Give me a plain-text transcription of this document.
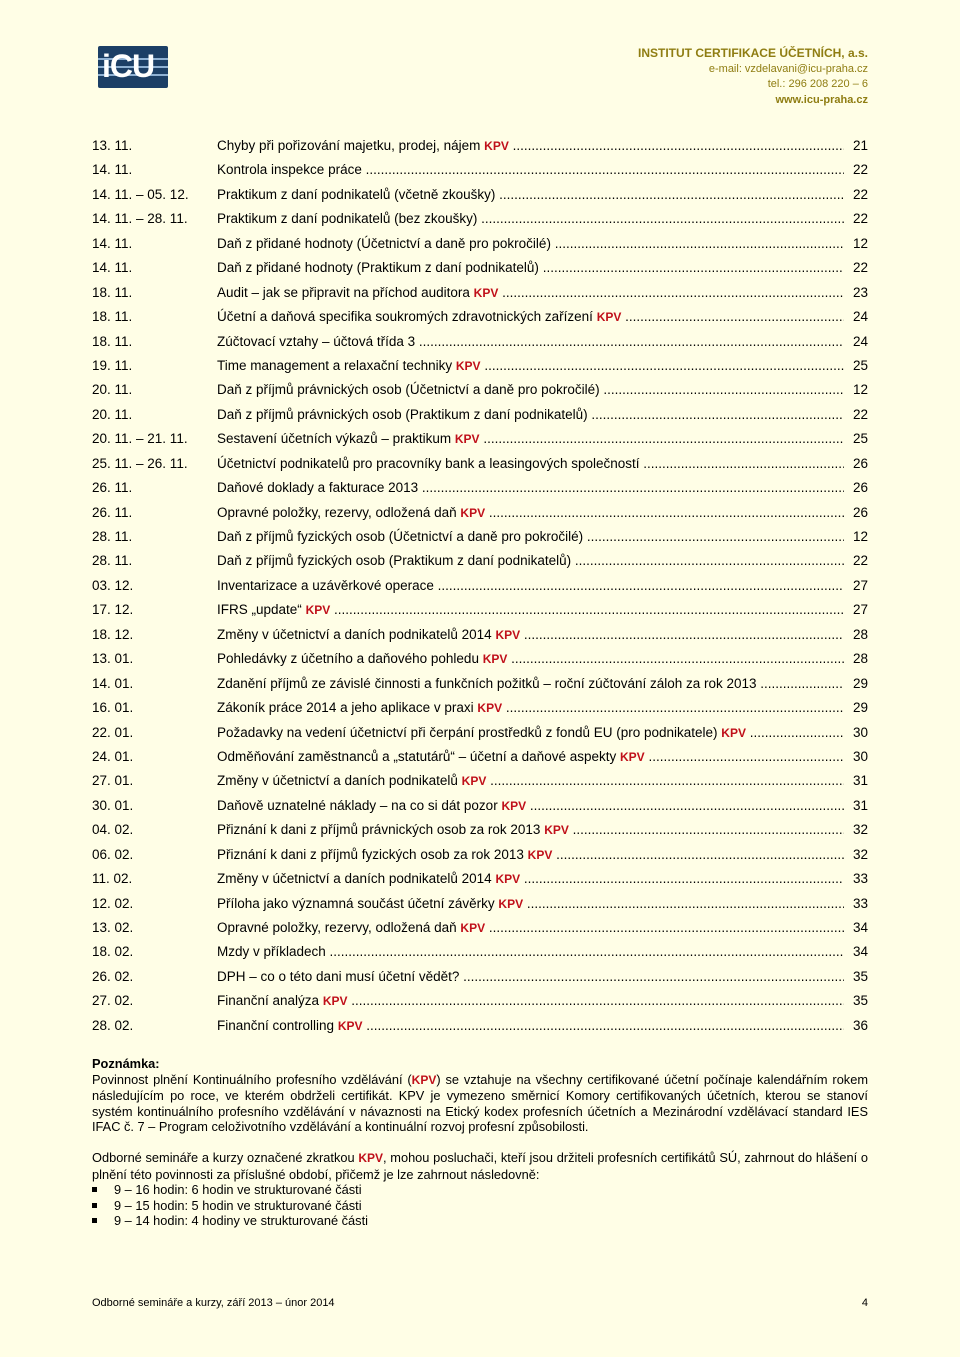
iCU	INSTITUT CERTIFIKACE ÚČETNÍCH, a.s.
e-mail: vzdelavani@icu-praha.cz
tel.: 296 208 220 – 6
www.icu-praha.cz
13. 11.	Chyby při pořizování majetku, prodej, nájem KPV .....	21
14. 11.	Kontrola inspekce práce .....	22
14. 11. – 05. 12. Praktikum z daní podnikatelů (včetně zkoušky) .....	22
14. 11. – 28. 11. Praktikum z daní podnikatelů (bez zkoušky) .....	22
14. 11.	Daň z přidané hodnoty (Účetnictví a daně pro pokročilé) .....	12
14. 11.	Daň z přidané hodnoty (Praktikum z daní podnikatelů) .....	22
18. 11.	Audit – jak se připravit na příchod auditora KPV .....	23
18. 11.	Účetní a daňová specifika soukromých zdravotnických zařízení KPV .....	24
18. 11.	Zúčtovací vztahy – účtová třída 3 .....	24
19. 11.	Time management a relaxační techniky KPV .....	25
20. 11.	Daň z příjmů právnických osob (Účetnictví a daně pro pokročilé) .....	12
20. 11.	Daň z příjmů právnických osob (Praktikum z daní podnikatelů) .....	22
20. 11. – 21. 11. Sestavení účetních výkazů – praktikum KPV .....	25
25. 11. – 26. 11. Účetnictví podnikatelů pro pracovníky bank a leasingových společností .....	26
26. 11.	Daňové doklady a fakturace 2013 .....	26
26. 11.	Opravné položky, rezervy, odložená daň KPV .....	26
28. 11.	Daň z příjmů fyzických osob (Účetnictví a daně pro pokročilé) .....	12
28. 11.	Daň z příjmů fyzických osob (Praktikum z daní podnikatelů) .....	22
03. 12.	Inventarizace a uzávěrkové operace .....	27
17. 12.	IFRS „update“ KPV .....	27
18. 12.	Změny v účetnictví a daních podnikatelů 2014 KPV .....	28
13. 01.	Pohledávky z účetního a daňového pohledu KPV .....	28
14. 01.	Zdanění příjmů ze závislé činnosti a funkčních požitků – roční zúčtování záloh za rok 2013 .....	29
16. 01.	Zákoník práce 2014 a jeho aplikace v praxi KPV .....	29
22. 01.	Požadavky na vedení účetnictví při čerpání prostředků z fondů EU (pro podnikatele) KPV .....	30
24. 01.	Odměňování zaměstnanců a „statutárů“ – účetní a daňové aspekty KPV .....	30
27. 01.	Změny v účetnictví a daních podnikatelů KPV .....	31
30. 01.	Daňově uznatelné náklady – na co si dát pozor KPV .....	31
04. 02.	Přiznání k dani z příjmů právnických osob za rok 2013 KPV .....	32
06. 02.	Přiznání k dani z příjmů fyzických osob za rok 2013 KPV .....	32
11. 02.	Změny v účetnictví a daních podnikatelů 2014 KPV .....	33
12. 02.	Příloha jako významná součást účetní závěrky KPV .....	33
13. 02.	Opravné položky, rezervy, odložená daň KPV .....	34
18. 02.	Mzdy v příkladech .....	34
26. 02.	DPH – co o této dani musí účetní vědět? .....	35
27. 02.	Finanční analýza KPV .....	35
28. 02.	Finanční controlling KPV .....	36
Poznámka:

Povinnost plnění Kontinuálního profesního vzdělávání (KPV) se vztahuje na všechny certifikované účetní počínaje kalendářním rokem následujícím po roce, ve kterém obdrželi certifikát. KPV je vymezeno směrnicí Komory certifikovaných účetních, kterou se stanoví systém kontinuálního profesního vzdělávání v návaznosti na Etický kodex profesních účetních a Mezinárodní vzdělávací standard IES IFAC č. 7 – Program celoživotního vzdělávání a kontinuální rozvoj profesní způsobilosti.

Odborné semináře a kurzy označené zkratkou KPV, mohou posluchači, kteří jsou držiteli profesních certifikátů SÚ, zahrnout do hlášení o plnění této povinnosti za příslušné období, přičemž je lze zahrnout následovně:

9 – 16 hodin: 6 hodin ve strukturované části
9 – 15 hodin: 5 hodin ve strukturované části
9 – 14 hodin: 4 hodiny ve strukturované části
Odborné semináře a kurzy, září 2013 – únor 2014	4
